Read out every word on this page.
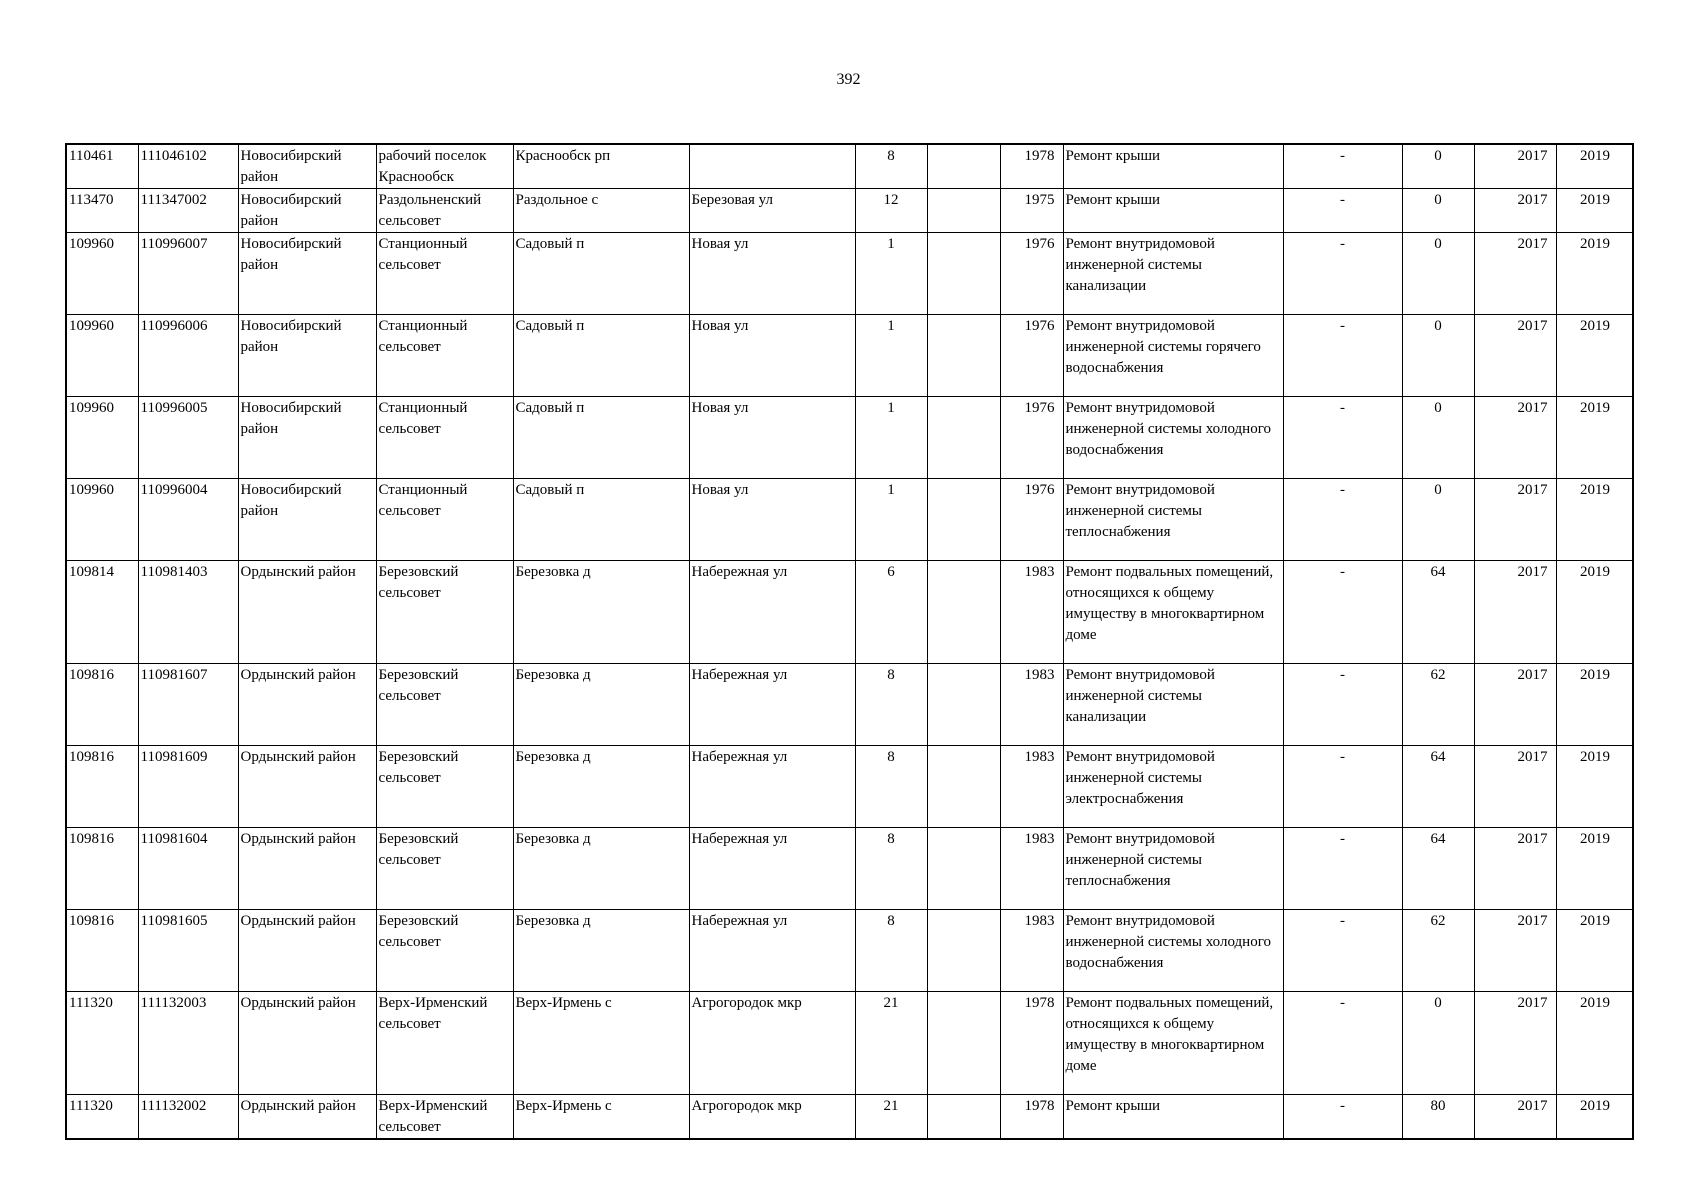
392
110461	111046102	Новосибирский район	рабочий поселок Краснообск	Краснообск рп		8		1978	Ремонт крыши	-	0	2017	2019
113470	111347002	Новосибирский район	Раздольненский сельсовет	Раздольное с	Березовая ул	12		1975	Ремонт крыши	-	0	2017	2019
109960	110996007	Новосибирский район	Станционный сельсовет	Садовый п	Новая ул	1		1976	Ремонт внутридомовой инженерной системы канализации	-	0	2017	2019
109960	110996006	Новосибирский район	Станционный сельсовет	Садовый п	Новая ул	1		1976	Ремонт внутридомовой инженерной системы горячего водоснабжения	-	0	2017	2019
109960	110996005	Новосибирский район	Станционный сельсовет	Садовый п	Новая ул	1		1976	Ремонт внутридомовой инженерной системы холодного водоснабжения	-	0	2017	2019
109960	110996004	Новосибирский район	Станционный сельсовет	Садовый п	Новая ул	1		1976	Ремонт внутридомовой инженерной системы теплоснабжения	-	0	2017	2019
109814	110981403	Ордынский район	Березовский сельсовет	Березовка д	Набережная ул	6		1983	Ремонт подвальных помещений, относящихся к общему имуществу в многоквартирном доме	-	64	2017	2019
109816	110981607	Ордынский район	Березовский сельсовет	Березовка д	Набережная ул	8		1983	Ремонт внутридомовой инженерной системы канализации	-	62	2017	2019
109816	110981609	Ордынский район	Березовский сельсовет	Березовка д	Набережная ул	8		1983	Ремонт внутридомовой инженерной системы электроснабжения	-	64	2017	2019
109816	110981604	Ордынский район	Березовский сельсовет	Березовка д	Набережная ул	8		1983	Ремонт внутридомовой инженерной системы теплоснабжения	-	64	2017	2019
109816	110981605	Ордынский район	Березовский сельсовет	Березовка д	Набережная ул	8		1983	Ремонт внутридомовой инженерной системы холодного водоснабжения	-	62	2017	2019
111320	111132003	Ордынский район	Верх-Ирменский сельсовет	Верх-Ирмень с	Агрогородок мкр	21		1978	Ремонт подвальных помещений, относящихся к общему имуществу в многоквартирном доме	-	0	2017	2019
111320	111132002	Ордынский район	Верх-Ирменский сельсовет	Верх-Ирмень с	Агрогородок мкр	21		1978	Ремонт крыши	-	80	2017	2019
